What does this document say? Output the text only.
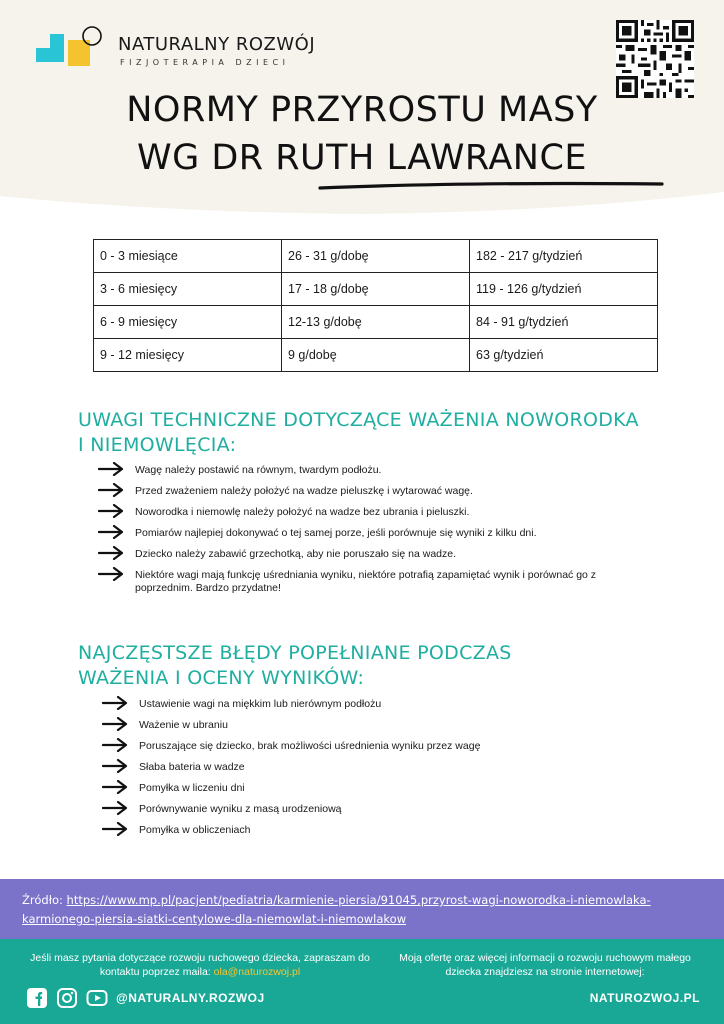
NATURALNY ROZWÓJ
FIZJOTERAPIA DZIECI
NORMY PRZYROSTU MASY
WG DR RUTH LAWRANCE
0 - 3 miesiące	26 - 31 g/dobę	182 - 217 g/tydzień
3 - 6 miesięcy	17 - 18 g/dobę	119 - 126 g/tydzień
6 - 9 miesięcy	12-13 g/dobę	84 - 91 g/tydzień
9 - 12 miesięcy	9 g/dobę	63 g/tydzień
UWAGI TECHNICZNE DOTYCZĄCE WAŻENIA NOWORODKA
I NIEMOWLĘCIA:
Wagę należy postawić na równym, twardym podłożu.
Przed zważeniem należy położyć na wadze pieluszkę i wytarować wagę.
Noworodka i niemowlę należy położyć na wadze bez ubrania i pieluszki.
Pomiarów najlepiej dokonywać o tej samej porze, jeśli porównuje się wyniki z kilku dni.
Dziecko należy zabawić grzechotką, aby nie poruszało się na wadze.
Niektóre wagi mają funkcję uśredniania wyniku, niektóre potrafią zapamiętać wynik i porównać go z poprzednim. Bardzo przydatne!
NAJCZĘSTSZE BŁĘDY POPEŁNIANE PODCZAS
WAŻENIA I OCENY WYNIKÓW:
Ustawienie wagi na miękkim lub nierównym podłożu
Ważenie w ubraniu
Poruszające się dziecko, brak możliwości uśrednienia wyniku przez wagę
Słaba bateria w wadze
Pomyłka w liczeniu dni
Porównywanie wyniku z masą urodzeniową
Pomyłka w obliczeniach
Źródło: https://www.mp.pl/pacjent/pediatria/karmienie-piersia/91045,przyrost-wagi-noworodka-i-niemowlaka-karmionego-piersia-siatki-centylowe-dla-niemowlat-i-niemowlakow
Jeśli masz pytania dotyczące rozwoju ruchowego dziecka, zapraszam do kontaktu poprzez maila: ola@naturozwoj.pl
Moją ofertę oraz więcej informacji o rozwoju ruchowym małego dziecka znajdziesz na stronie internetowej:
@NATURALNY.ROZWOJ	NATUROZWOJ.PL
